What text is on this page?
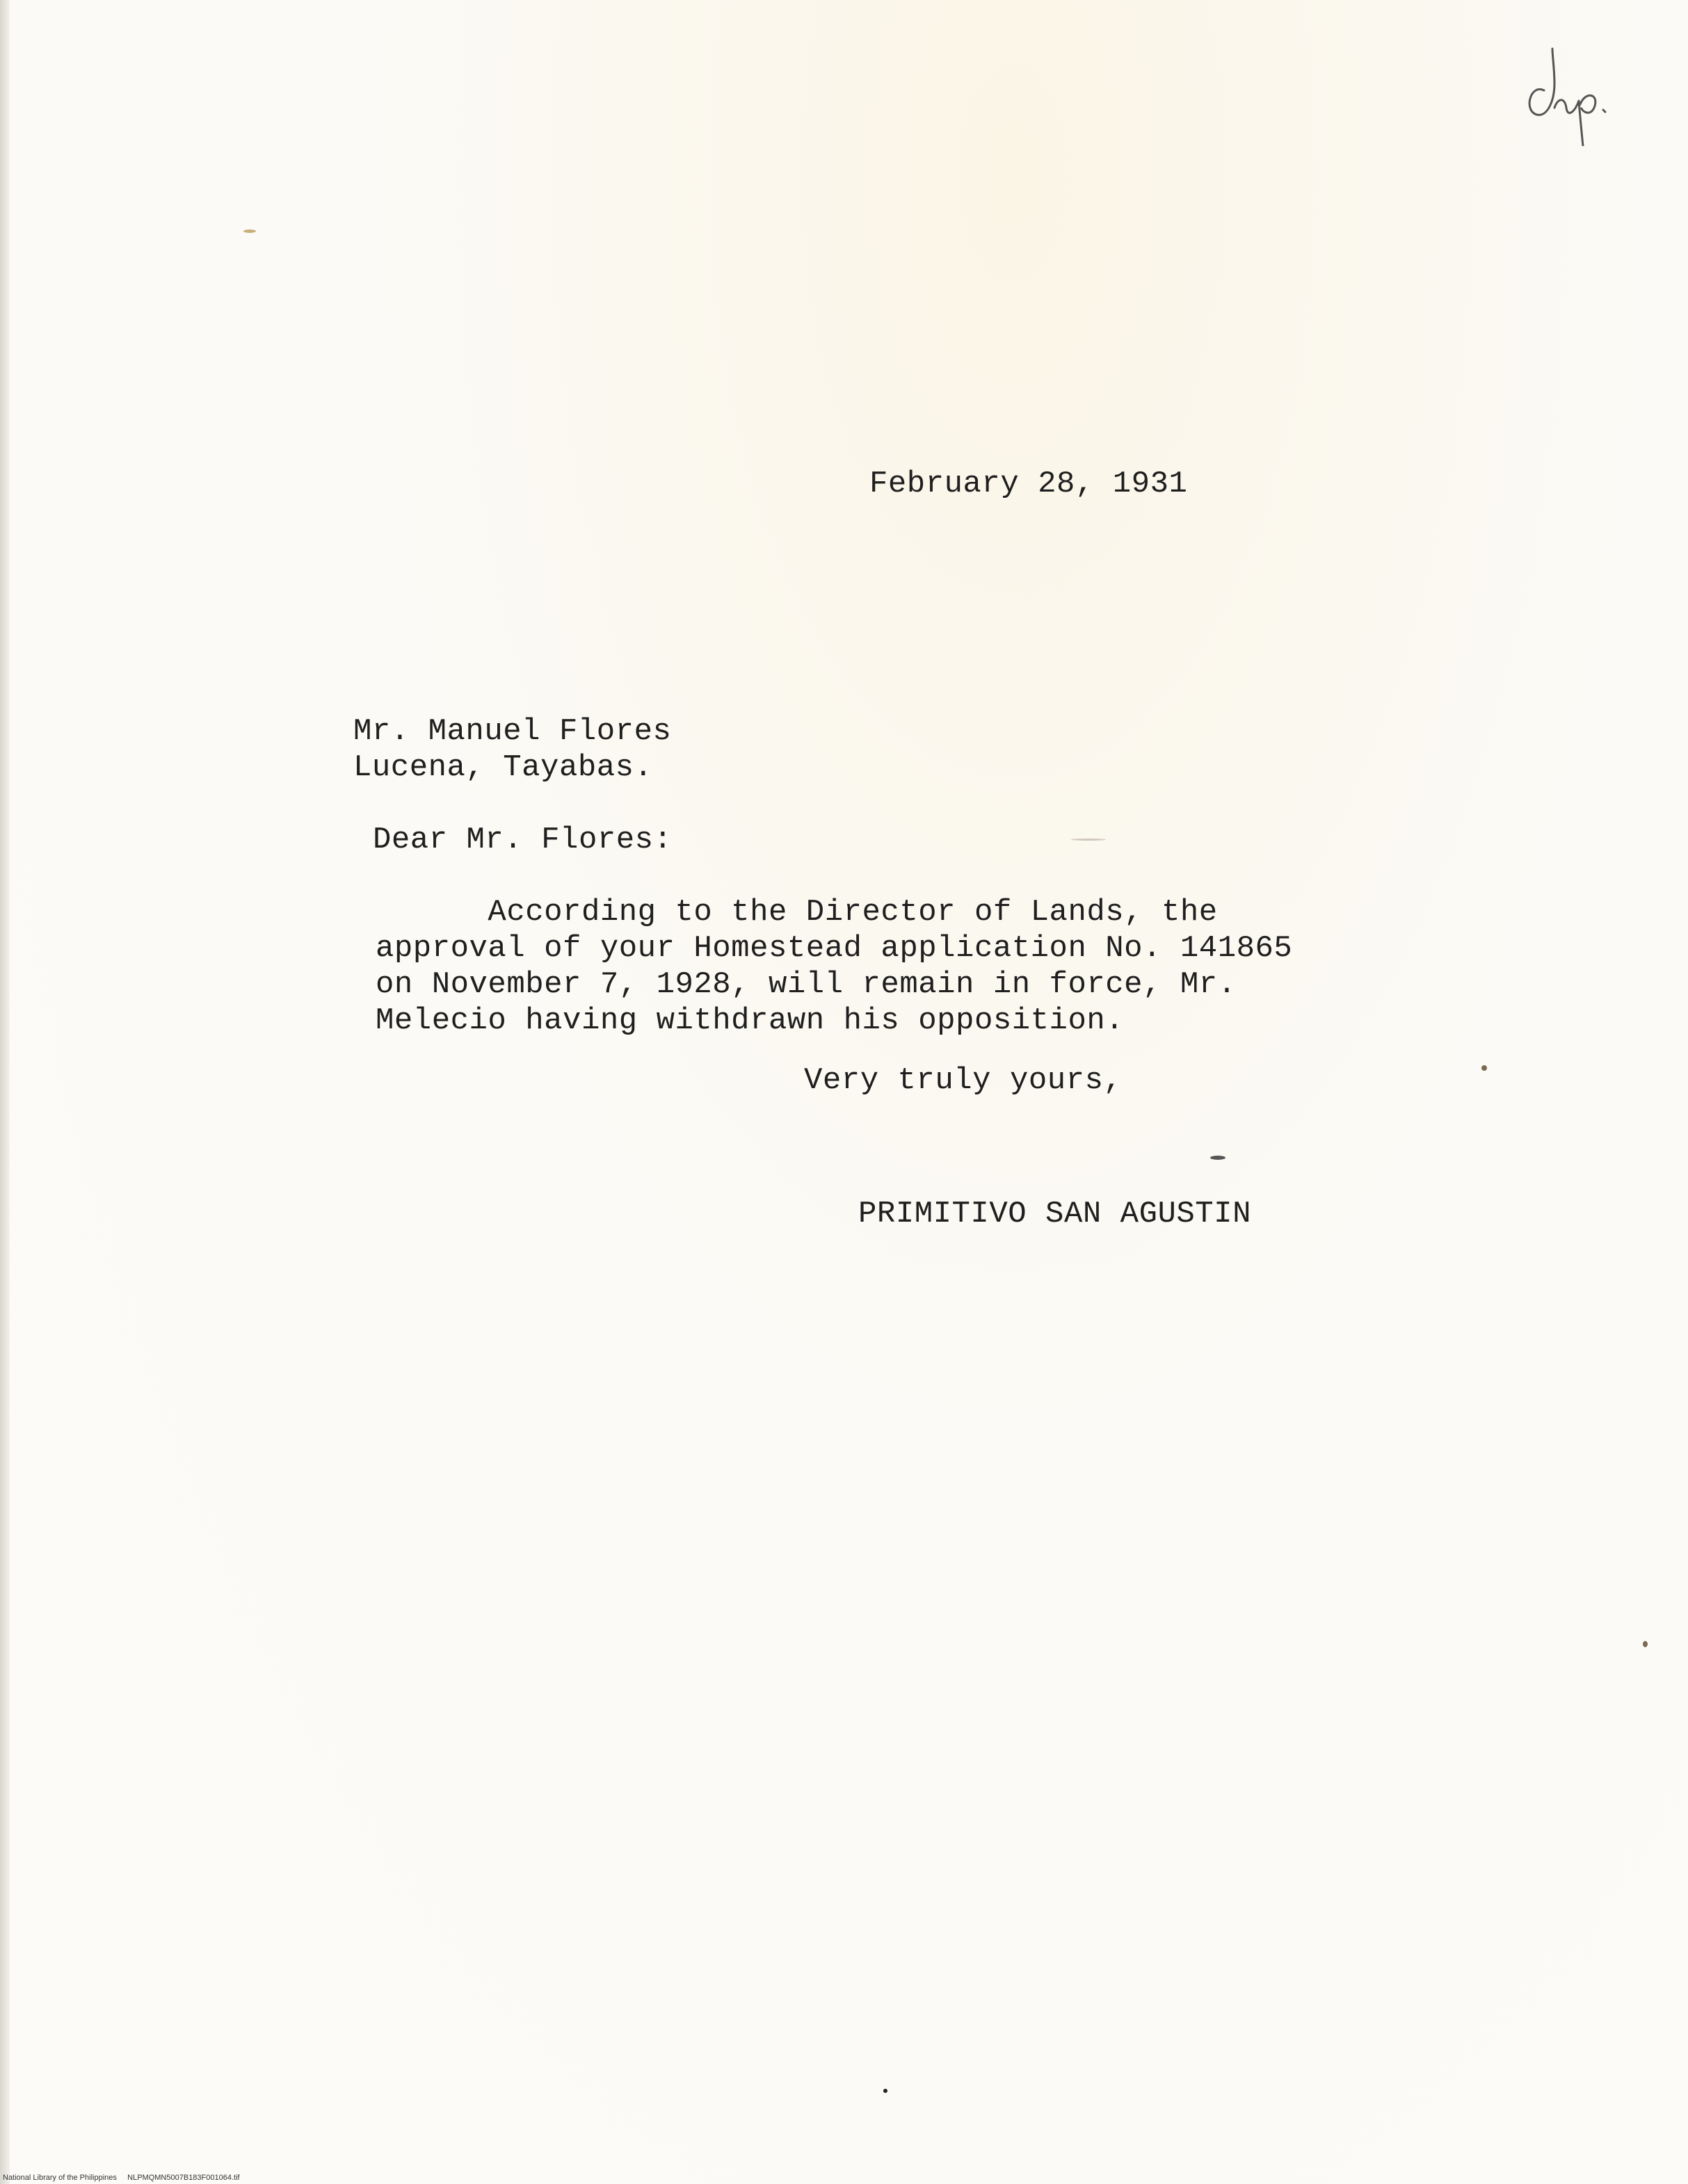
February 28, 1931
Mr. Manuel Flores
Lucena, Tayabas.
Dear Mr. Flores:
According to the Director of Lands, the
approval of your Homestead application No. 141865
on November 7, 1928, will remain in force, Mr.
Melecio having withdrawn his opposition.
Very truly yours,
PRIMITIVO SAN AGUSTIN
National Library of the Philippines NLPMQMN5007B183F001064.tif
